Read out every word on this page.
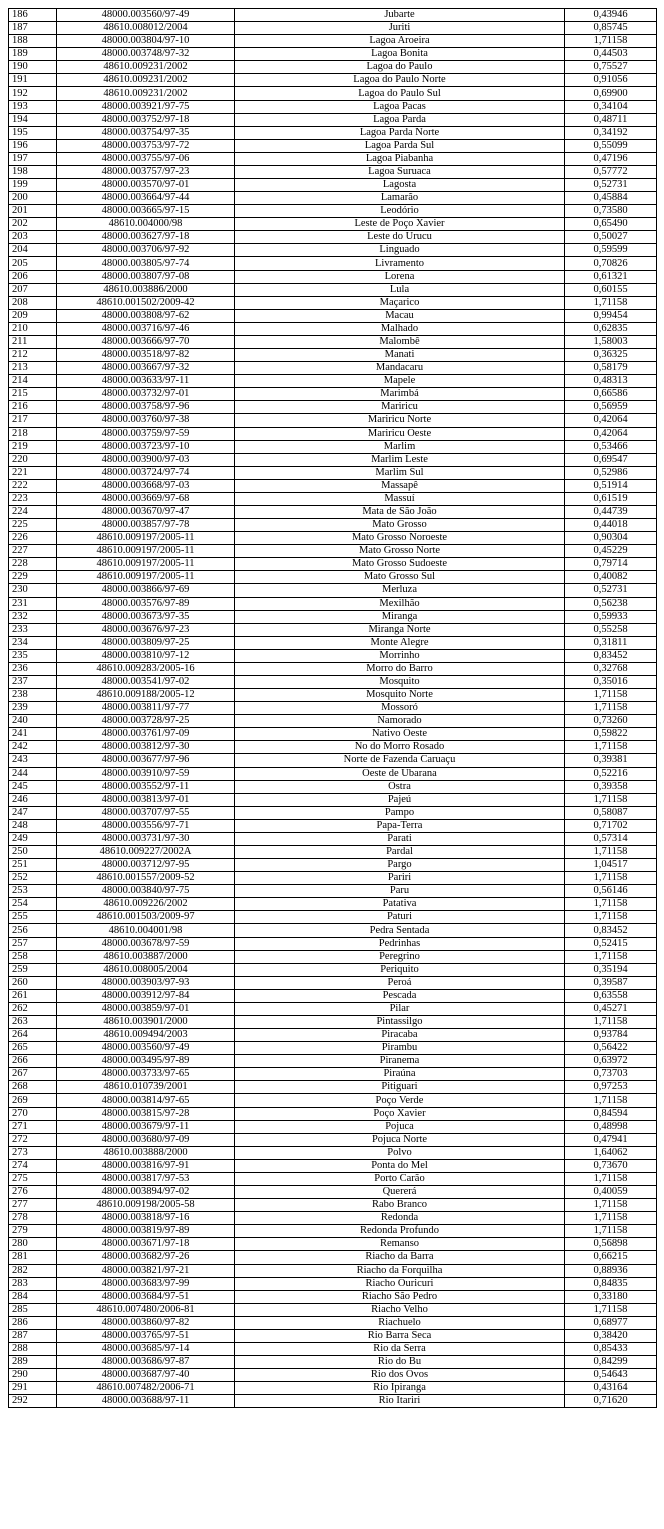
186	48000.003560/97-49	Jubarte	0,43946
187	48610.008012/2004	Juriti	0,85745
188	48000.003804/97-10	Lagoa Aroeira	1,71158
189	48000.003748/97-32	Lagoa Bonita	0,44503
190	48610.009231/2002	Lagoa do Paulo	0,75527
191	48610.009231/2002	Lagoa do Paulo Norte	0,91056
192	48610.009231/2002	Lagoa do Paulo Sul	0,69900
193	48000.003921/97-75	Lagoa Pacas	0,34104
194	48000.003752/97-18	Lagoa Parda	0,48711
195	48000.003754/97-35	Lagoa Parda Norte	0,34192
196	48000.003753/97-72	Lagoa Parda Sul	0,55099
197	48000.003755/97-06	Lagoa Piabanha	0,47196
198	48000.003757/97-23	Lagoa Suruaca	0,57772
199	48000.003570/97-01	Lagosta	0,52731
200	48000.003664/97-44	Lamarão	0,45884
201	48000.003665/97-15	Leodório	0,73580
202	48610.004000/98	Leste de Poço Xavier	0,65490
203	48000.003627/97-18	Leste do Urucu	0,50027
204	48000.003706/97-92	Linguado	0,59599
205	48000.003805/97-74	Livramento	0,70826
206	48000.003807/97-08	Lorena	0,61321
207	48610.003886/2000	Lula	0,60155
208	48610.001502/2009-42	Maçarico	1,71158
209	48000.003808/97-62	Macau	0,99454
210	48000.003716/97-46	Malhado	0,62835
211	48000.003666/97-70	Malombê	1,58003
212	48000.003518/97-82	Manati	0,36325
213	48000.003667/97-32	Mandacaru	0,58179
214	48000.003633/97-11	Mapele	0,48313
215	48000.003732/97-01	Marimbá	0,66586
216	48000.003758/97-96	Mariricu	0,56959
217	48000.003760/97-38	Mariricu Norte	0,42064
218	48000.003759/97-59	Mariricu Oeste	0,42064
219	48000.003723/97-10	Marlim	0,53466
220	48000.003900/97-03	Marlim Leste	0,69547
221	48000.003724/97-74	Marlim Sul	0,52986
222	48000.003668/97-03	Massapê	0,51914
223	48000.003669/97-68	Massuí	0,61519
224	48000.003670/97-47	Mata de São João	0,44739
225	48000.003857/97-78	Mato Grosso	0,44018
226	48610.009197/2005-11	Mato Grosso Noroeste	0,90304
227	48610.009197/2005-11	Mato Grosso Norte	0,45229
228	48610.009197/2005-11	Mato Grosso Sudoeste	0,79714
229	48610.009197/2005-11	Mato Grosso Sul	0,40082
230	48000.003866/97-69	Merluza	0,52731
231	48000.003576/97-89	Mexilhão	0,56238
232	48000.003673/97-35	Miranga	0,59933
233	48000.003676/97-23	Miranga Norte	0,55258
234	48000.003809/97-25	Monte Alegre	0,31811
235	48000.003810/97-12	Morrinho	0,83452
236	48610.009283/2005-16	Morro do Barro	0,32768
237	48000.003541/97-02	Mosquito	0,35016
238	48610.009188/2005-12	Mosquito Norte	1,71158
239	48000.003811/97-77	Mossoró	1,71158
240	48000.003728/97-25	Namorado	0,73260
241	48000.003761/97-09	Nativo Oeste	0,59822
242	48000.003812/97-30	No do Morro Rosado	1,71158
243	48000.003677/97-96	Norte de Fazenda Caruaçu	0,39381
244	48000.003910/97-59	Oeste de Ubarana	0,52216
245	48000.003552/97-11	Ostra	0,39358
246	48000.003813/97-01	Pajeú	1,71158
247	48000.003707/97-55	Pampo	0,58087
248	48000.003556/97-71	Papa-Terra	0,71702
249	48000.003731/97-30	Parati	0,57314
250	48610.009227/2002A	Pardal	1,71158
251	48000.003712/97-95	Pargo	1,04517
252	48610.001557/2009-52	Pariri	1,71158
253	48000.003840/97-75	Paru	0,56146
254	48610.009226/2002	Patativa	1,71158
255	48610.001503/2009-97	Paturi	1,71158
256	48610.004001/98	Pedra Sentada	0,83452
257	48000.003678/97-59	Pedrinhas	0,52415
258	48610.003887/2000	Peregrino	1,71158
259	48610.008005/2004	Periquito	0,35194
260	48000.003903/97-93	Peroá	0,39587
261	48000.003912/97-84	Pescada	0,63558
262	48000.003859/97-01	Pilar	0,45271
263	48610.003901/2000	Pintassilgo	1,71158
264	48610.009494/2003	Piracaba	0,93784
265	48000.003560/97-49	Pirambu	0,56422
266	48000.003495/97-89	Piranema	0,63972
267	48000.003733/97-65	Piraúna	0,73703
268	48610.010739/2001	Pitiguari	0,97253
269	48000.003814/97-65	Poço Verde	1,71158
270	48000.003815/97-28	Poço Xavier	0,84594
271	48000.003679/97-11	Pojuca	0,48998
272	48000.003680/97-09	Pojuca Norte	0,47941
273	48610.003888/2000	Polvo	1,64062
274	48000.003816/97-91	Ponta do Mel	0,73670
275	48000.003817/97-53	Porto Carão	1,71158
276	48000.003894/97-02	Quererá	0,40059
277	48610.009198/2005-58	Rabo Branco	1,71158
278	48000.003818/97-16	Redonda	1,71158
279	48000.003819/97-89	Redonda Profundo	1,71158
280	48000.003671/97-18	Remanso	0,56898
281	48000.003682/97-26	Riacho da Barra	0,66215
282	48000.003821/97-21	Riacho da Forquilha	0,88936
283	48000.003683/97-99	Riacho Ouricuri	0,84835
284	48000.003684/97-51	Riacho São Pedro	0,33180
285	48610.007480/2006-81	Riacho Velho	1,71158
286	48000.003860/97-82	Riachuelo	0,68977
287	48000.003765/97-51	Rio Barra Seca	0,38420
288	48000.003685/97-14	Rio da Serra	0,85433
289	48000.003686/97-87	Rio do Bu	0,84299
290	48000.003687/97-40	Rio dos Ovos	0,54643
291	48610.007482/2006-71	Rio Ipiranga	0,43164
292	48000.003688/97-11	Rio Itariri	0,71620
